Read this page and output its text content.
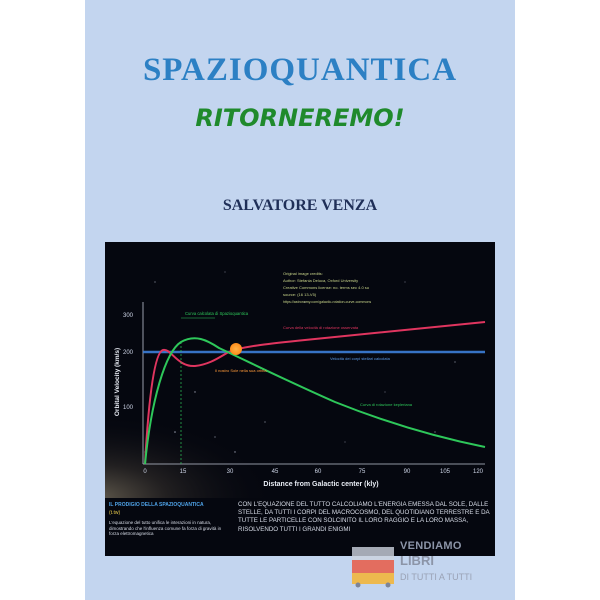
SPAZIOQUANTICA
RITORNEREMO!
SALVATORE VENZA
300
200
100
0	15	30	45	60	75	90	105	120
Distance from Galactic center (kly)
Orbital Velocity (km/s)
Curva calcolata di Spazioquantica
Il nostro Sole nella sua orbita
Curva della velocità di rotazione osservata
Velocità dei corpi stellari calcolata
Curva di rotazione kepleriana
Original image credits:
Author: Stefania Deluca, Oxford University
Creative Commons license: no. terms sec 4.0 su
source: (16 13-V5)
https://astronomy.com/galactic-rotation-curve-commons
IL PRODIGIO DELLA SPAZIOQUANTICA
(t.tw)
L'equazione del tutto unifica le interazioni in natura, dimostrando che l'influenza comune fa forza di gravità in forza elettromagnetica
CON L'EQUAZIONE DEL TUTTO CALCOLIAMO L'ENERGIA EMESSA DAL SOLE, DALLE STELLE, DA TUTTI I CORPI DEL MACROCOSMO, DEL QUOTIDIANO TERRESTRE E DA TUTTE LE PARTICELLE CON SOLCINITO IL LORO RAGGIO E LA LORO MASSA, RISOLVENDO TUTTI I GRANDI ENIGMI
VENDIAMO
LIBRI
DI TUTTI A TUTTI
